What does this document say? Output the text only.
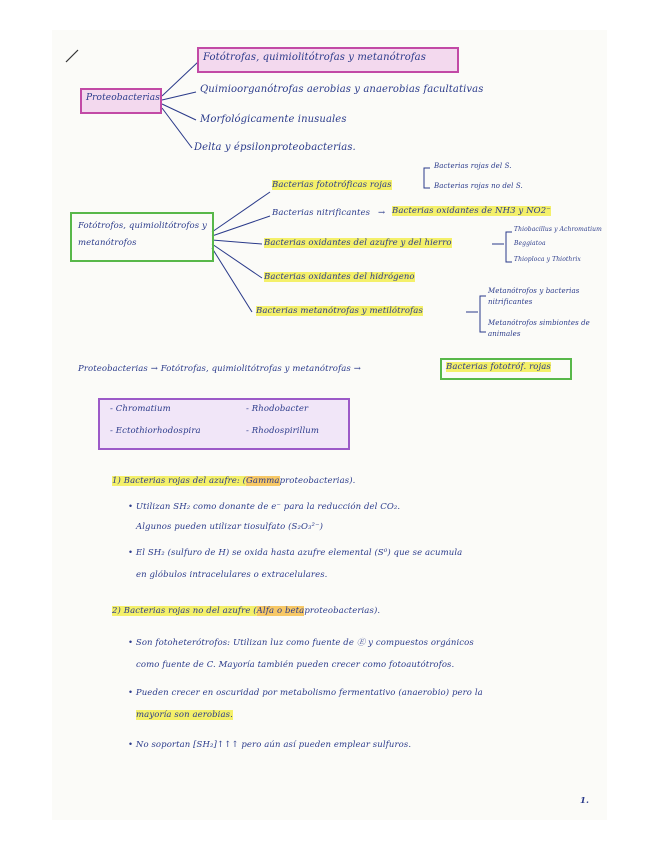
Proteobacterias
Fotótrofas, quimiolitótrofas y metanótrofas
Quimioorganótrofas aerobias y anaerobias facultativas
Morfológicamente inusuales
Delta y épsilonproteobacterias.
Fotótrofos, quimiolitótrofos y metanótrofos
Bacterias fototróficas rojas
Bacterias rojas del S.
Bacterias rojas no del S.
Bacterias nitrificantes → Bacterias oxidantes de NH3 y NO2⁻
Bacterias oxidantes del azufre y del hierro
Thiobacillus y Achromatium
Beggiatoa
Thioploca y Thiothrix
Bacterias oxidantes del hidrógeno
Bacterias metanótrofas y metilótrofas
Metanótrofos y bacterias nitrificantes
Metanótrofos simbiontes de animales
Proteobacterias → Fotótrofas, quimiolitótrofas y metanótrofas →	Bacterias fototróf. rojas
- Chromatium
- Ectothiorhodospira
- Rhodobacter
- Rhodospirillum
1) Bacterias rojas del azufre: (Gammaproteobacterias).
• Utilizan SH₂ como donante de e⁻ para la reducción del CO₂.
Algunos pueden utilizar tiosulfato (S₂O₃²⁻)
• El SH₂ (sulfuro de H) se oxida hasta azufre elemental (S⁰) que se acumula
en glóbulos intracelulares o extracelulares.
2) Bacterias rojas no del azufre (Alfa o betaproteobacterias).
• Son fotoheterótrofos: Utilizan luz como fuente de Ⓔ y compuestos orgánicos
como fuente de C. Mayoría también pueden crecer como fotoautótrofos.
• Pueden crecer en oscuridad por metabolismo fermentativo (anaerobio) pero la
mayoría son aerobias.
• No soportan [SH₂]↑↑↑ pero aún así pueden emplear sulfuros.
1.
